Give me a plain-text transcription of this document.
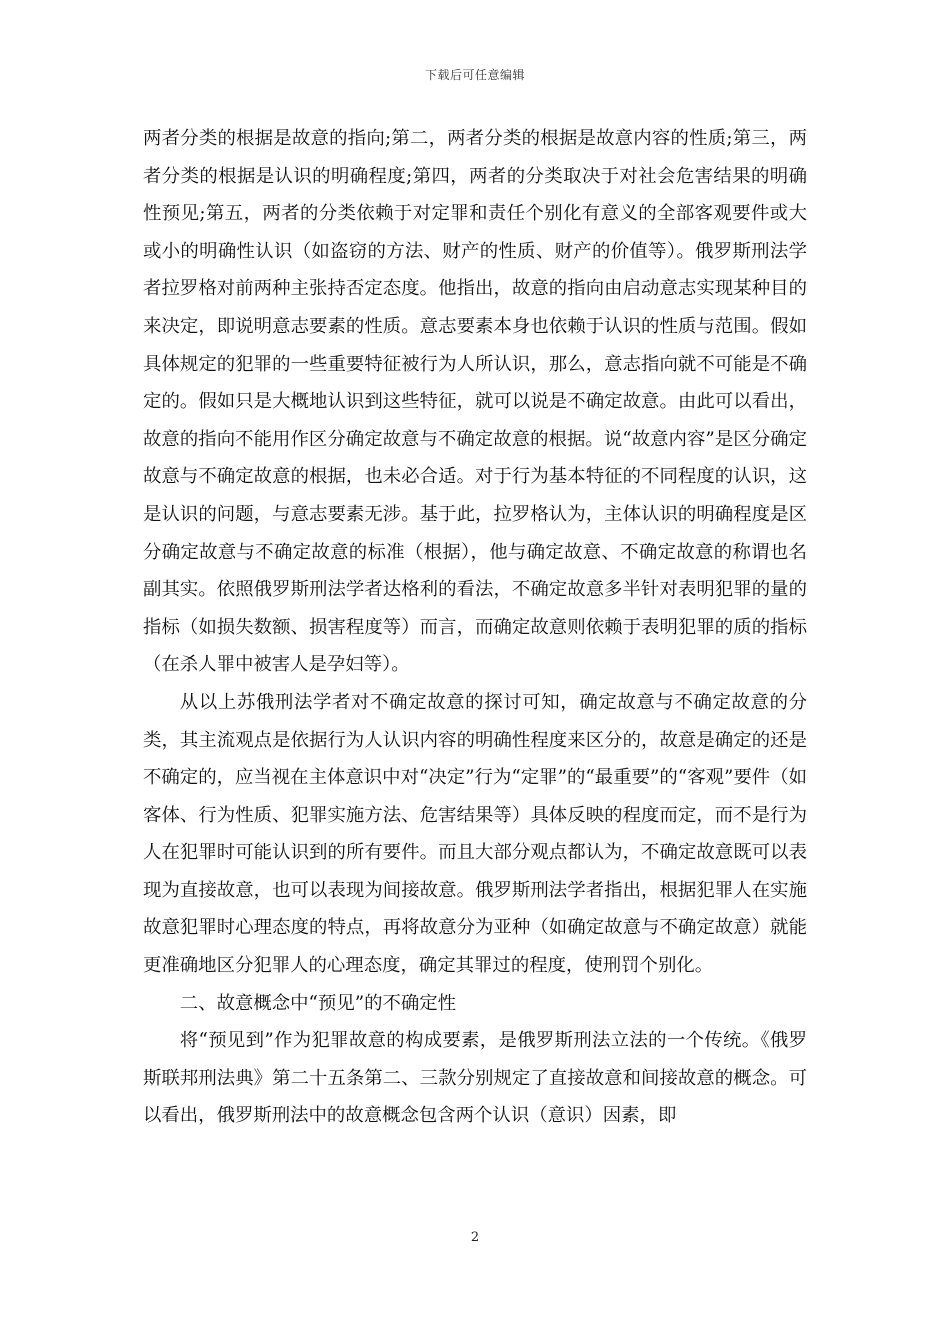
下载后可任意编辑

两者分类的根据是故意的指向;第二，两者分类的根据是故意内容的性质;第三，两者分类的根据是认识的明确程度;第四，两者的分类取决于对社会危害结果的明确性预见;第五，两者的分类依赖于对定罪和责任个别化有意义的全部客观要件或大或小的明确性认识（如盗窃的方法、财产的性质、财产的价值等）。俄罗斯刑法学者拉罗格对前两种主张持否定态度。他指出，故意的指向由启动意志实现某种目的来决定，即说明意志要素的性质。意志要素本身也依赖于认识的性质与范围。假如具体规定的犯罪的一些重要特征被行为人所认识，那么，意志指向就不可能是不确定的。假如只是大概地认识到这些特征，就可以说是不确定故意。由此可以看出，故意的指向不能用作区分确定故意与不确定故意的根据。说“故意内容”是区分确定故意与不确定故意的根据，也未必合适。对于行为基本特征的不同程度的认识，这是认识的问题，与意志要素无涉。基于此，拉罗格认为，主体认识的明确程度是区分确定故意与不确定故意的标准（根据），他与确定故意、不确定故意的称谓也名副其实。依照俄罗斯刑法学者达格利的看法，不确定故意多半针对表明犯罪的量的指标（如损失数额、损害程度等）而言，而确定故意则依赖于表明犯罪的质的指标（在杀人罪中被害人是孕妇等）。

从以上苏俄刑法学者对不确定故意的探讨可知，确定故意与不确定故意的分类，其主流观点是依据行为人认识内容的明确性程度来区分的，故意是确定的还是不确定的，应当视在主体意识中对“决定”行为“定罪”的“最重要”的“客观”要件（如客体、行为性质、犯罪实施方法、危害结果等）具体反映的程度而定，而不是行为人在犯罪时可能认识到的所有要件。而且大部分观点都认为，不确定故意既可以表现为直接故意，也可以表现为间接故意。俄罗斯刑法学者指出，根据犯罪人在实施故意犯罪时心理态度的特点，再将故意分为亚种（如确定故意与不确定故意）就能更准确地区分犯罪人的心理态度，确定其罪过的程度，使刑罚个别化。

二、故意概念中“预见”的不确定性

将“预见到”作为犯罪故意的构成要素，是俄罗斯刑法立法的一个传统。《俄罗斯联邦刑法典》第二十五条第二、三款分别规定了直接故意和间接故意的概念。可以看出，俄罗斯刑法中的故意概念包含两个认识（意识）因素，即

2
